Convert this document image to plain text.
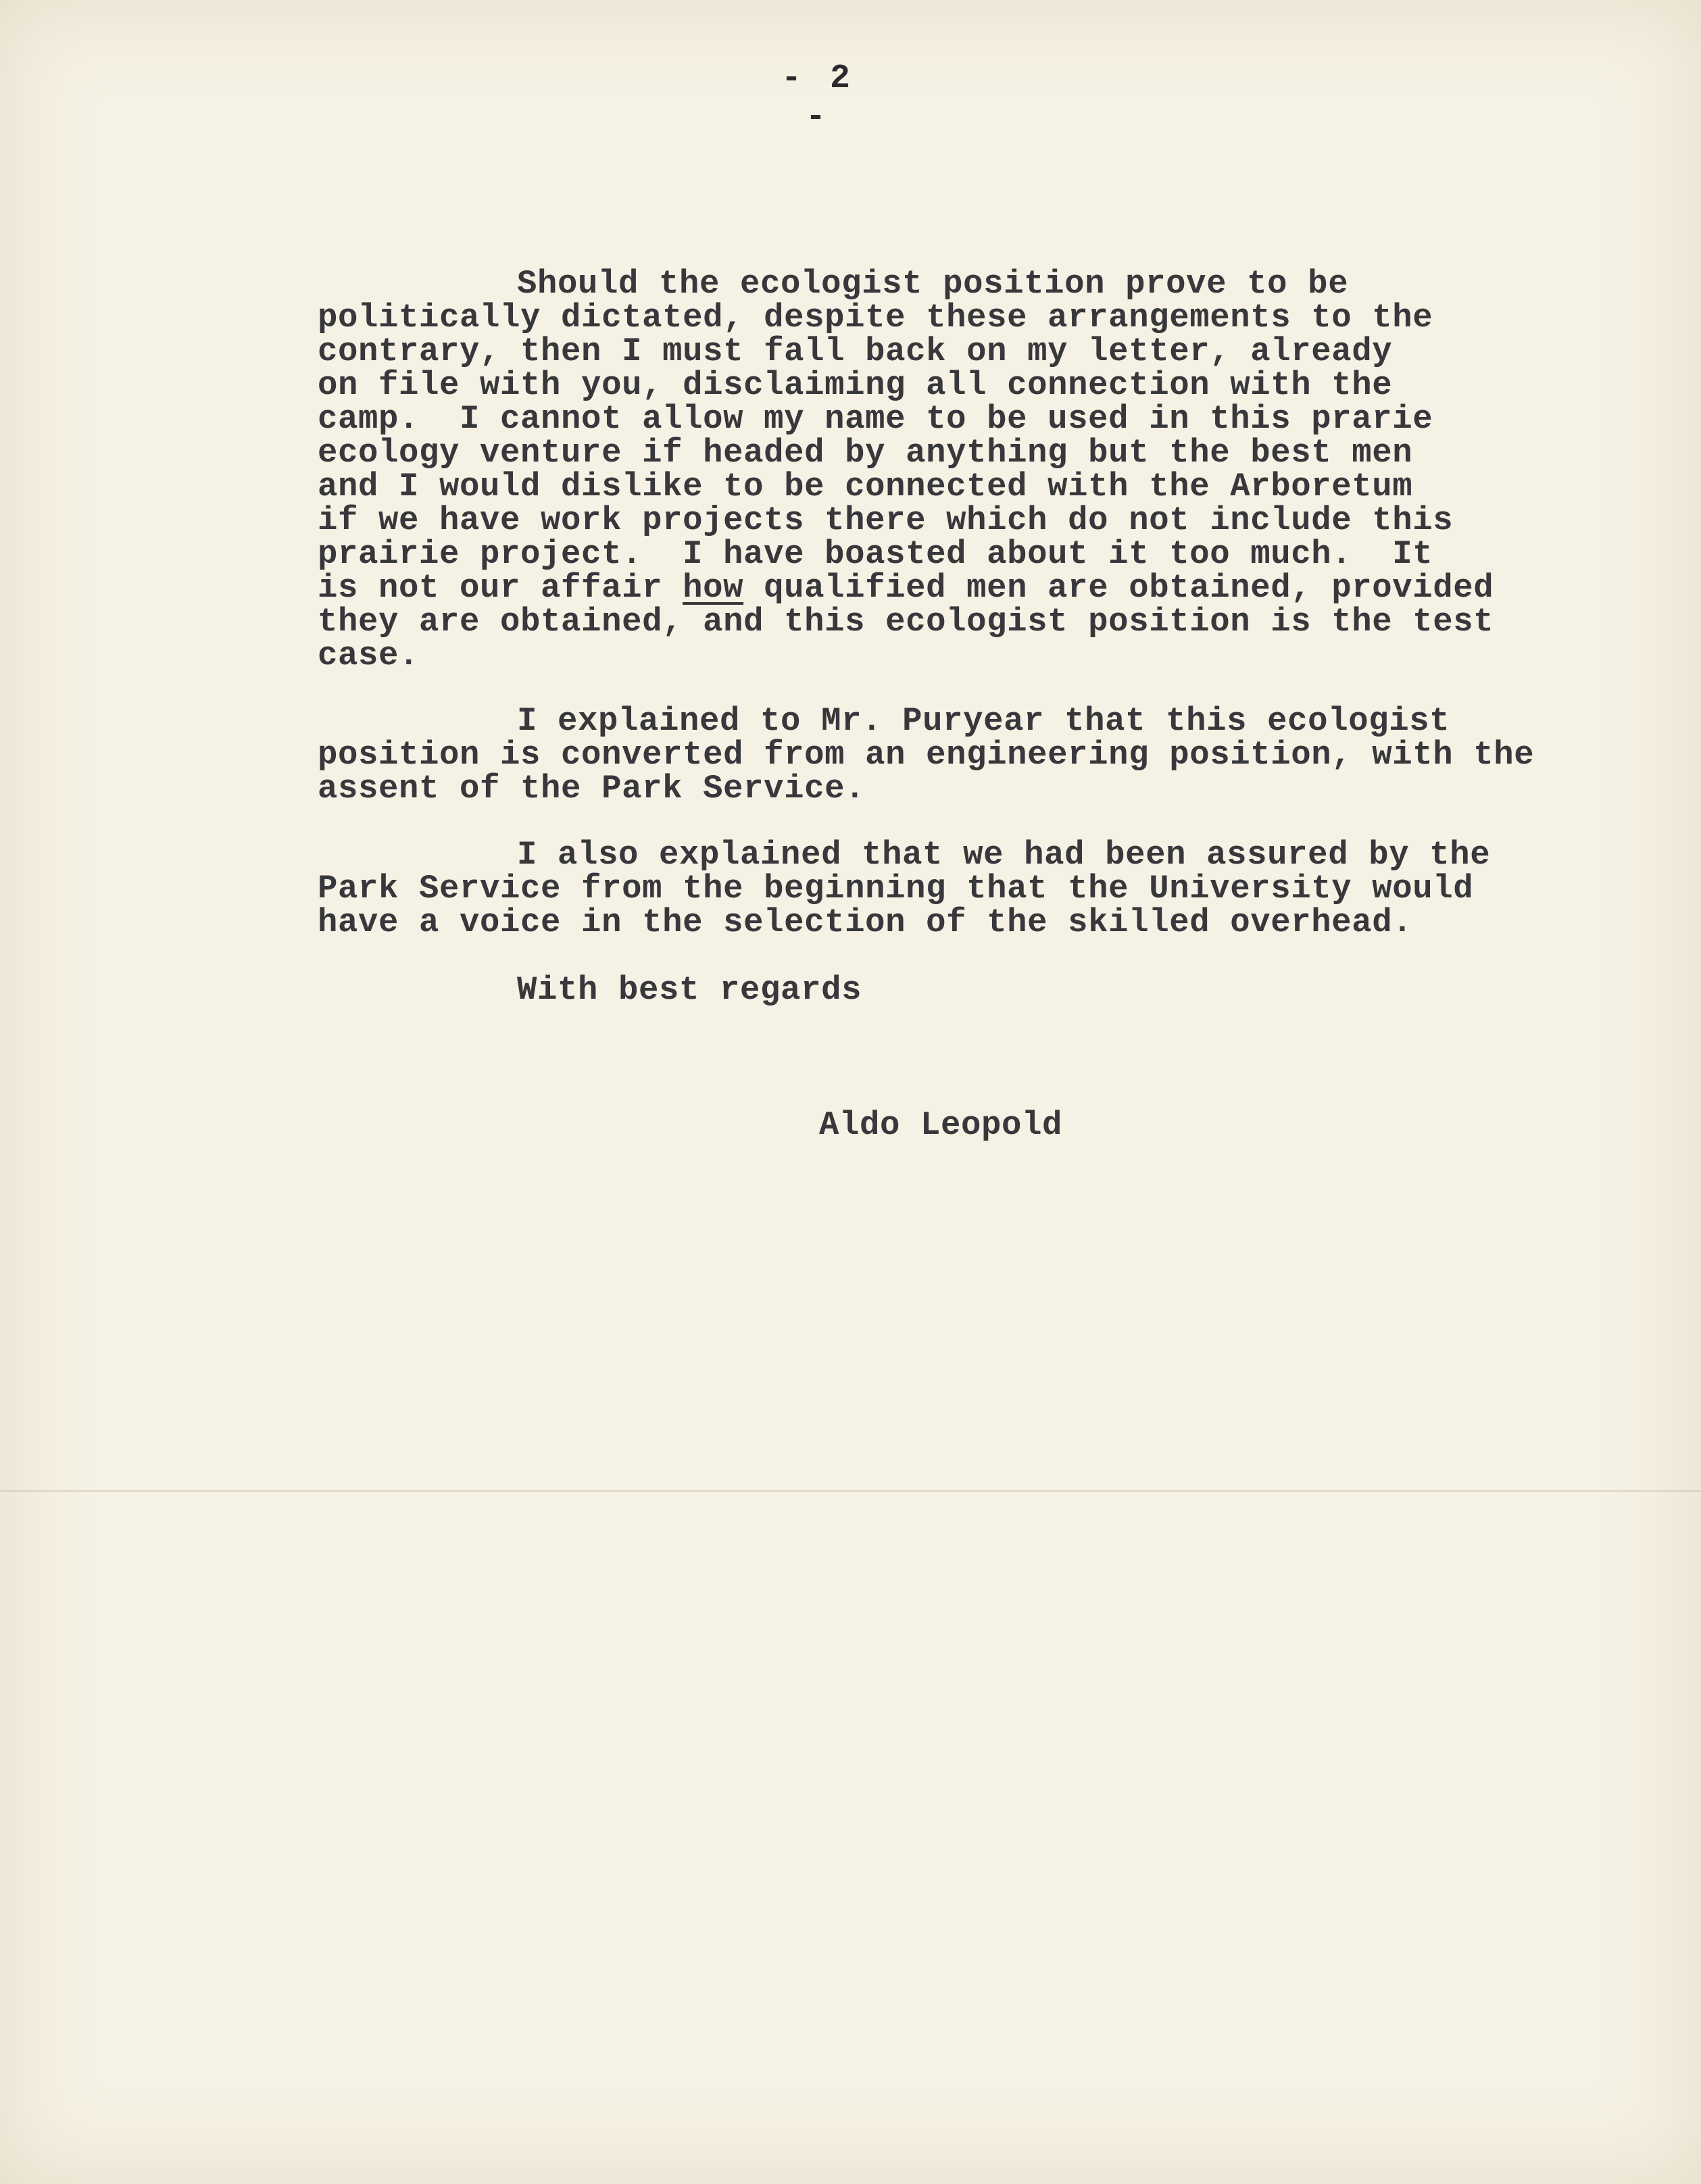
- 2 -
Should the ecologist position prove to be
politically dictated, despite these arrangements to the
contrary, then I must fall back on my letter, already
on file with you, disclaiming all connection with the
camp.  I cannot allow my name to be used in this prarie
ecology venture if headed by anything but the best men
and I would dislike to be connected with the Arboretum
if we have work projects there which do not include this
prairie project.  I have boasted about it too much.  It
is not our affair how qualified men are obtained, provided
they are obtained, and this ecologist position is the test
case.
I explained to Mr. Puryear that this ecologist
position is converted from an engineering position, with the
assent of the Park Service.
I also explained that we had been assured by the
Park Service from the beginning that the University would
have a voice in the selection of the skilled overhead.
With best regards
Aldo Leopold
